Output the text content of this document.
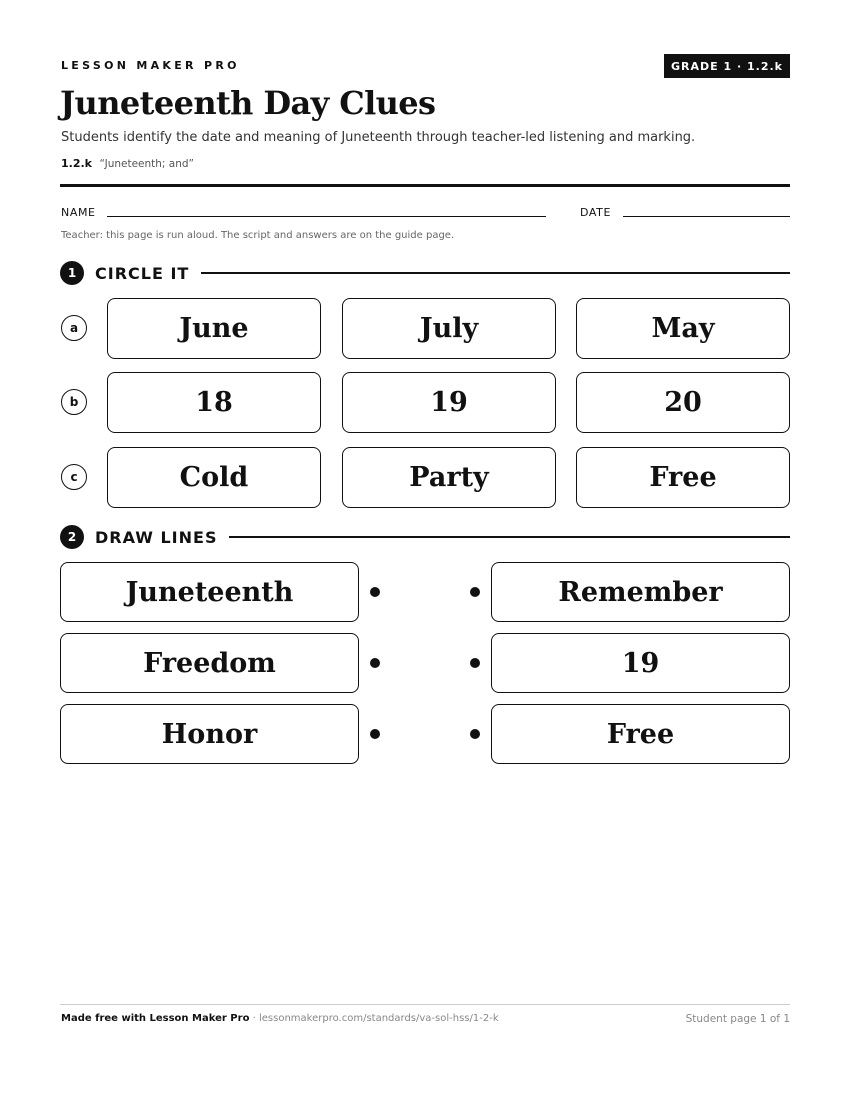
LESSON MAKER PRO	GRADE 1 · 1.2.k
Juneteenth Day Clues

Students identify the date and meaning of Juneteenth through teacher-led listening and marking.

1.2.k “Juneteenth; and”
NAME	DATE

Teacher: this page is run aloud. The script and answers are on the guide page.

1	CIRCLE IT
a	June	July	May
b	18	19	20
c	Cold	Party	Free
2	DRAW LINES
Juneteenth	Remember
Freedom	19
Honor	Free
Made free with Lesson Maker Pro · lessonmakerpro.com/standards/va-sol-hss/1-2-k	Student page 1 of 1
